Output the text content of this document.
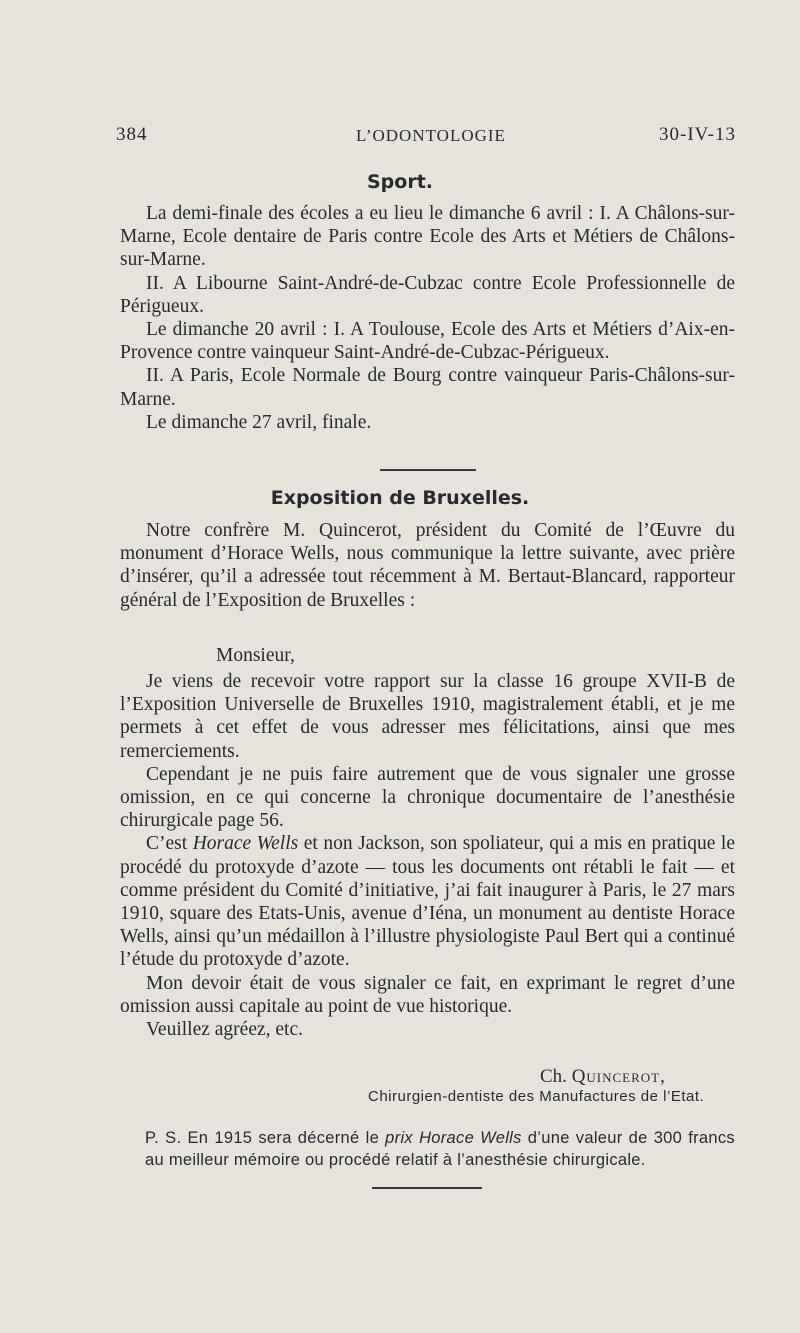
384	L’ODONTOLOGIE	30-IV-13
Sport.

La demi-finale des écoles a eu lieu le dimanche 6 avril : I. A Châlons-sur-Marne, Ecole dentaire de Paris contre Ecole des Arts et Métiers de Châlons-sur-Marne.

II. A Libourne Saint-André-de-Cubzac contre Ecole Professionnelle de Périgueux.

Le dimanche 20 avril : I. A Toulouse, Ecole des Arts et Métiers d’Aix-en-Provence contre vainqueur Saint-André-de-Cubzac-Périgueux.

II. A Paris, Ecole Normale de Bourg contre vainqueur Paris-Châlons-sur-Marne.

Le dimanche 27 avril, finale.

Exposition de Bruxelles.

Notre confrère M. Quincerot, président du Comité de l’Œuvre du monument d’Horace Wells, nous communique la lettre suivante, avec prière d’insérer, qu’il a adressée tout récemment à M. Bertaut-Blancard, rapporteur général de l’Exposition de Bruxelles :

Monsieur,

Je viens de recevoir votre rapport sur la classe 16 groupe XVII-B de l’Exposition Universelle de Bruxelles 1910, magistralement établi, et je me permets à cet effet de vous adresser mes félicitations, ainsi que mes remerciements.

Cependant je ne puis faire autrement que de vous signaler une grosse omission, en ce qui concerne la chronique documentaire de l’anesthésie chirurgicale page 56.

C’est Horace Wells et non Jackson, son spoliateur, qui a mis en pratique le procédé du protoxyde d’azote — tous les documents ont rétabli le fait — et comme président du Comité d’initiative, j’ai fait inaugurer à Paris, le 27 mars 1910, square des Etats-Unis, avenue d’Iéna, un monument au dentiste Horace Wells, ainsi qu’un médaillon à l’illustre physiologiste Paul Bert qui a continué l’étude du protoxyde d’azote.

Mon devoir était de vous signaler ce fait, en exprimant le regret d’une omission aussi capitale au point de vue historique.

Veuillez agréez, etc.

Ch. Quincerot,
Chirurgien-dentiste des Manufactures de l’Etat.

P. S. En 1915 sera décerné le prix Horace Wells d’une valeur de 300 francs au meilleur mémoire ou procédé relatif à l’anesthésie chirurgicale.
